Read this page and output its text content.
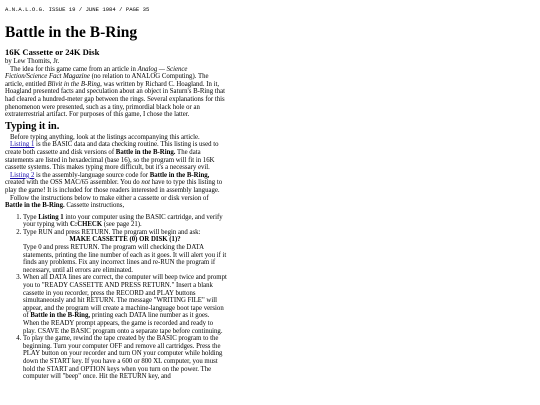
A.N.A.L.O.G. ISSUE 19 / JUNE 1984 / PAGE 35
Battle in the B-Ring
16K Cassette or 24K Disk

by Lew Thomits, Jr.

The idea for this game came from an article in Analog — Science Fiction/Science Fact Magazine (no relation to ANALOG Computing). The article, entitled Blivit in the B-Ring, was written by Richard C. Hoagland. In it, Hoagland presented facts and speculation about an object in Saturn's B-Ring that had cleared a hundred-meter gap between the rings. Several explanations for this phenomenon were presented, such as a tiny, primordial black hole or an extraterrestrial artifact. For purposes of this game, I chose the latter.

Typing it in.

Before typing anything, look at the listings accompanying this article.

Listing 1 is the BASIC data and data checking routine. This listing is used to create both cassette and disk versions of Battle in the B-Ring. The data statements are listed in hexadecimal (base 16), so the program will fit in 16K cassette systems. This makes typing more difficult, but it's a necessary evil.

Listing 2 is the assembly-language source code for Battle in the B-Ring, created with the OSS MAC/65 assembler. You do not have to type this listing to play the game! It is included for those readers interested in assembly language.

Follow the instructions below to make either a cassette or disk version of Battle in the B-Ring. Cassette instructions,

1. Type Listing 1 into your computer using the BASIC cartridge, and verify your typing with C:CHECK (see page 21).
2. Type RUN and press RETURN. The program will begin and ask:
MAKE CASSETTE (0) OR DISK (1)?
Type 0 and press RETURN. The program will checking the DATA statements, printing the line number of each as it goes. It will alert you if it finds any problems. Fix any incorrect lines and re-RUN the program if necessary, until all errors are eliminated.
3. When all DATA lines are correct, the computer will beep twice and prompt you to "READY CASSETTE AND PRESS RETURN." Insert a blank cassette in you recorder, press the RECORD and PLAY buttons simultaneously and hit RETURN. The message "WRITING FILE" will appear, and the program will create a machine-language boot tape version of Battle in the B-Ring, printing each DATA line number as it goes. When the READY prompt appears, the game is recorded and ready to play. CSAVE the BASIC program onto a separate tape before continuing.
4. To play the game, rewind the tape created by the BASIC program to the beginning. Turn your computer OFF and remove all cartridges. Press the PLAY button on your recorder and turn ON your computer while holding down the START key. If you have a 600 or 800 XL computer, you must hold the START and OPTION keys when you turn on the power. The computer will "beep" once. Hit the RETURN key, and
